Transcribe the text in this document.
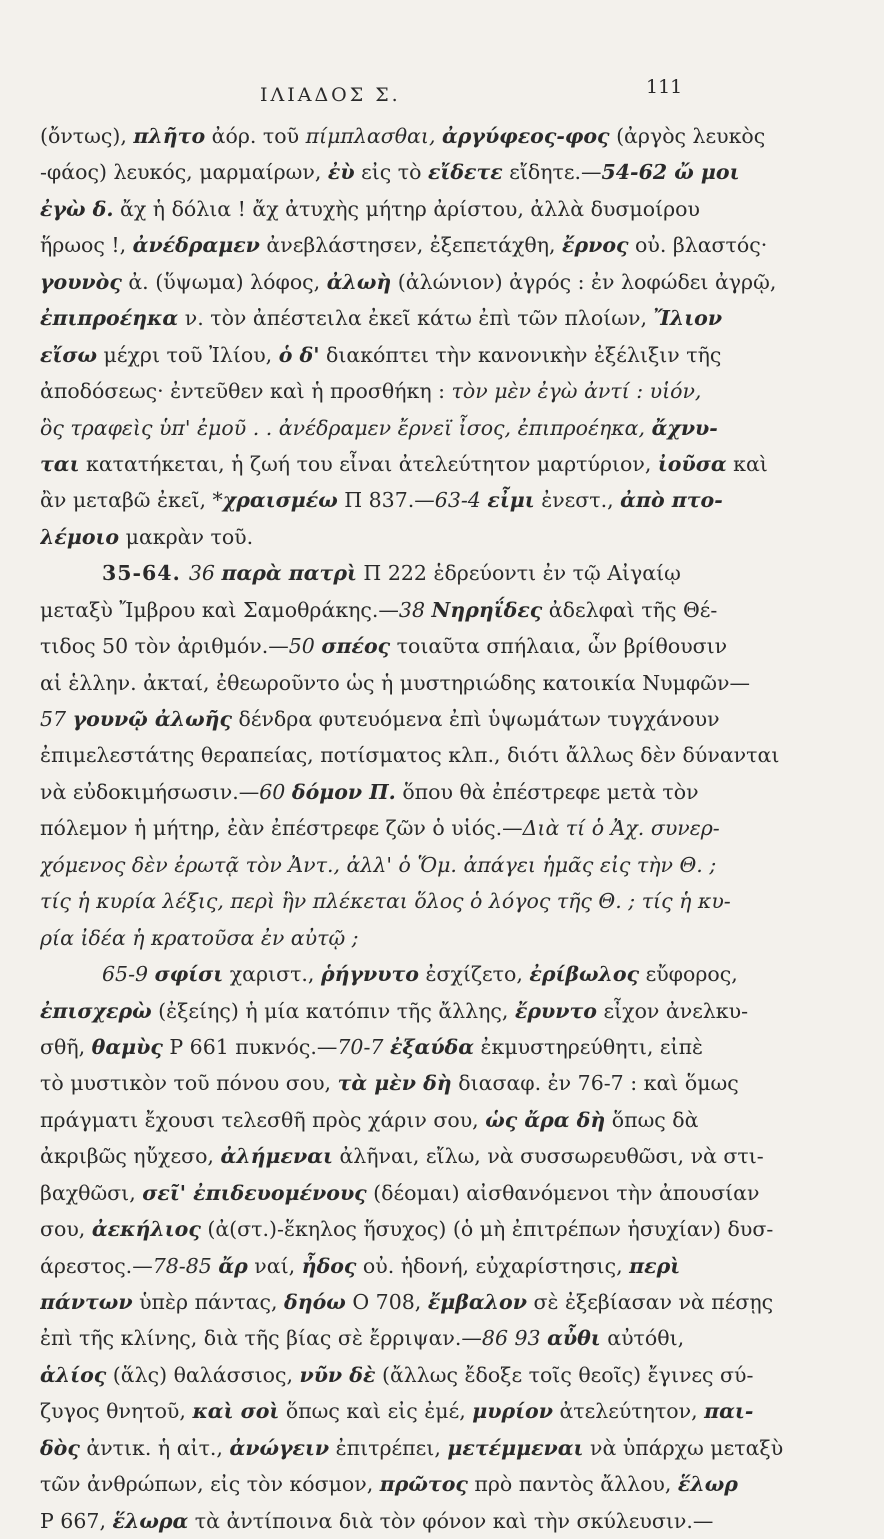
ΙΛΙΑΔΟΣ Σ.	111
(ὄντως), πλῆτο ἀόρ. τοῦ πίμπλασθαι, ἀργύφεος-φος (ἀργὸς λευκὸς
-φάος) λευκός, μαρμαίρων, ἐὺ εἰς τὸ εἴδετε εἴδητε.—54-62 ὤ μοι
ἐγὼ δ. ἄχ ἡ δόλια ! ἄχ ἀτυχὴς μήτηρ ἀρίστου, ἀλλὰ δυσμοίρου
ἥρωος !, ἀνέδραμεν ἀνεβλάστησεν, ἐξεπετάχθη, ἔρνος οὐ. βλαστός·
γουνὸς ἀ. (ὕψωμα) λόφος, ἀλωὴ (ἀλώνιον) ἀγρός : ἐν λοφώδει ἀγρῷ,
ἐπιπροέηκα ν. τὸν ἀπέστειλα ἐκεῖ κάτω ἐπὶ τῶν πλοίων, Ἴλιον
εἴσω μέχρι τοῦ Ἰλίου, ὁ δ' διακόπτει τὴν κανονικὴν ἐξέλιξιν τῆς
ἀποδόσεως· ἐντεῦθεν καὶ ἡ προσθήκη : τὸν μὲν ἐγὼ ἀντί : υἱόν,
ὃς τραφεὶς ὑπ' ἐμοῦ . . ἀνέδραμεν ἔρνεϊ ἶσος, ἐπιπροέηκα, ἄχνυ-
ται κατατήκεται, ἡ ζωή του εἶναι ἀτελεύτητον μαρτύριον, ἰοῦσα καὶ
ἂν μεταβῶ ἐκεῖ, *χραισμέω Π 837.—63-4 εἶμι ἐνεστ., ἀπὸ πτο-
λέμοιο μακρὰν τοῦ.
35-64. 36 παρὰ πατρὶ Π 222 ἑδρεύοντι ἐν τῷ Αἰγαίῳ
μεταξὺ Ἴμβρου καὶ Σαμοθράκης.—38 Νηρηΐδες ἀδελφαὶ τῆς Θέ-
τιδος 50 τὸν ἀριθμόν.—50 σπέος τοιαῦτα σπήλαια, ὧν βρίθουσιν
αἱ ἑλλην. ἀκταί, ἐθεωροῦντο ὡς ἡ μυστηριώδης κατοικία Νυμφῶν—
57 γουνῷ ἀλωῆς δένδρα φυτευόμενα ἐπὶ ὑψωμάτων τυγχάνουν
ἐπιμελεστάτης θεραπείας, ποτίσματος κλπ., διότι ἄλλως δὲν δύνανται
νὰ εὐδοκιμήσωσιν.—60 δόμον Π. ὅπου θὰ ἐπέστρεφε μετὰ τὸν
πόλεμον ἡ μήτηρ, ἐὰν ἐπέστρεφε ζῶν ὁ υἱός.—Διὰ τί ὁ Ἀχ. συνερ-
χόμενος δὲν ἐρωτᾷ τὸν Ἀντ., ἀλλ' ὁ Ὅμ. ἀπάγει ἡμᾶς εἰς τὴν Θ. ;
τίς ἡ κυρία λέξις, περὶ ἣν πλέκεται ὅλος ὁ λόγος τῆς Θ. ; τίς ἡ κυ-
ρία ἰδέα ἡ κρατοῦσα ἐν αὐτῷ ;
65-9 σφίσι χαριστ., ῥήγνυτο ἐσχίζετο, ἐρίβωλος εὔφορος,
ἐπισχερὼ (ἐξείης) ἡ μία κατόπιν τῆς ἄλλης, ἔρυντο εἶχον ἀνελκυ-
σθῆ, θαμὺς Ρ 661 πυκνός.—70-7 ἐξαύδα ἐκμυστηρεύθητι, εἰπὲ
τὸ μυστικὸν τοῦ πόνου σου, τὰ μὲν δὴ διασαφ. ἐν 76-7 : καὶ ὅμως
πράγματι ἔχουσι τελεσθῆ πρὸς χάριν σου, ὡς ἄρα δὴ ὅπως δὰ
ἀκριβῶς ηὔχεσο, ἀλήμεναι ἀλῆναι, εἴλω, νὰ συσσωρευθῶσι, νὰ στι-
βαχθῶσι, σεῖ' ἐπιδευομένους (δέομαι) αἰσθανόμενοι τὴν ἀπουσίαν
σου, ἀεκήλιος (ἀ(στ.)-ἕκηλος ἥσυχος) (ὁ μὴ ἐπιτρέπων ἡσυχίαν) δυσ-
άρεστος.—78-85 ἄρ ναί, ἦδος οὐ. ἡδονή, εὐχαρίστησις, περὶ
πάντων ὑπὲρ πάντας, δηόω Ο 708, ἔμβαλον σὲ ἐξεβίασαν νὰ πέσῃς
ἐπὶ τῆς κλίνης, διὰ τῆς βίας σὲ ἔρριψαν.—86 93 αὖθι αὐτόθι,
ἁλίος (ἅλς) θαλάσσιος, νῦν δὲ (ἄλλως ἔδοξε τοῖς θεοῖς) ἔγινες σύ-
ζυγος θνητοῦ, καὶ σοὶ ὅπως καὶ εἰς ἐμέ, μυρίον ἀτελεύτητον, παι-
δὸς ἀντικ. ἡ αἰτ., ἀνώγειν ἐπιτρέπει, μετέμμεναι νὰ ὑπάρχω μεταξὺ
τῶν ἀνθρώπων, εἰς τὸν κόσμον, πρῶτος πρὸ παντὸς ἄλλου, ἕλωρ
Ρ 667, ἕλωρα τὰ ἀντίποινα διὰ τὸν φόνον καὶ τὴν σκύλευσιν.—
